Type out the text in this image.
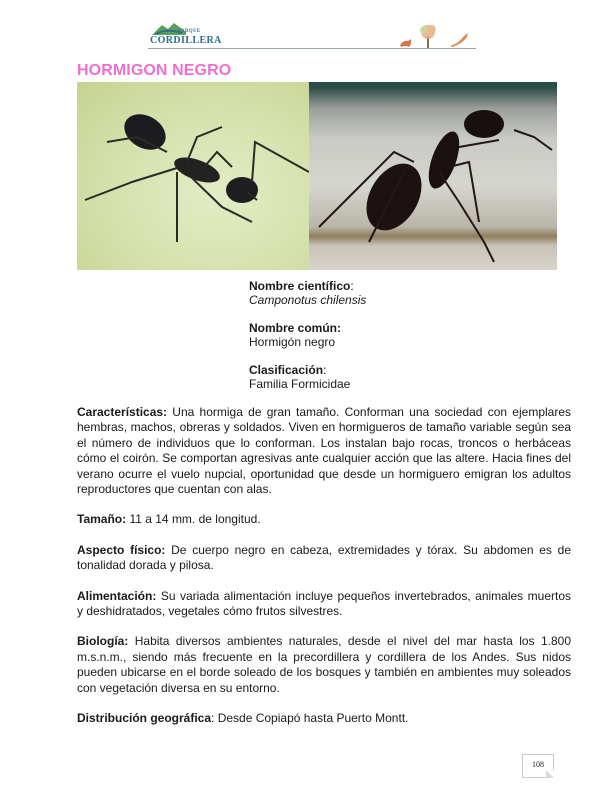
PARQUE
CORDILLERA
HORMIGON NEGRO
Nombre científico:
Camponotus chilensis
Nombre común:
Hormigón negro
Clasificación:
Familia Formicidae

Características: Una hormiga de gran tamaño. Conforman una sociedad con ejemplares hembras, machos, obreras y soldados. Viven en hormigueros de tamaño variable según sea el número de individuos que lo conforman. Los instalan bajo rocas, troncos o herbáceas cómo el coirón. Se comportan agresivas ante cualquier acción que las altere. Hacia fines del verano ocurre el vuelo nupcial, oportunidad que desde un hormiguero emigran los adultos reproductores que cuentan con alas.

Tamaño: 11 a 14 mm. de longitud.

Aspecto físico: De cuerpo negro en cabeza, extremidades y tórax. Su abdomen es de tonalidad dorada y pilosa.

Alimentación: Su variada alimentación incluye pequeños invertebrados, animales muertos y deshidratados, vegetales cómo frutos silvestres.

Biología: Habita diversos ambientes naturales, desde el nivel del mar hasta los 1.800 m.s.n.m., siendo más frecuente en la precordillera y cordillera de los Andes. Sus nidos pueden ubicarse en el borde soleado de los bosques y también en ambientes muy soleados con vegetación diversa en su entorno.

Distribución geográfica: Desde Copiapó hasta Puerto Montt.

108
